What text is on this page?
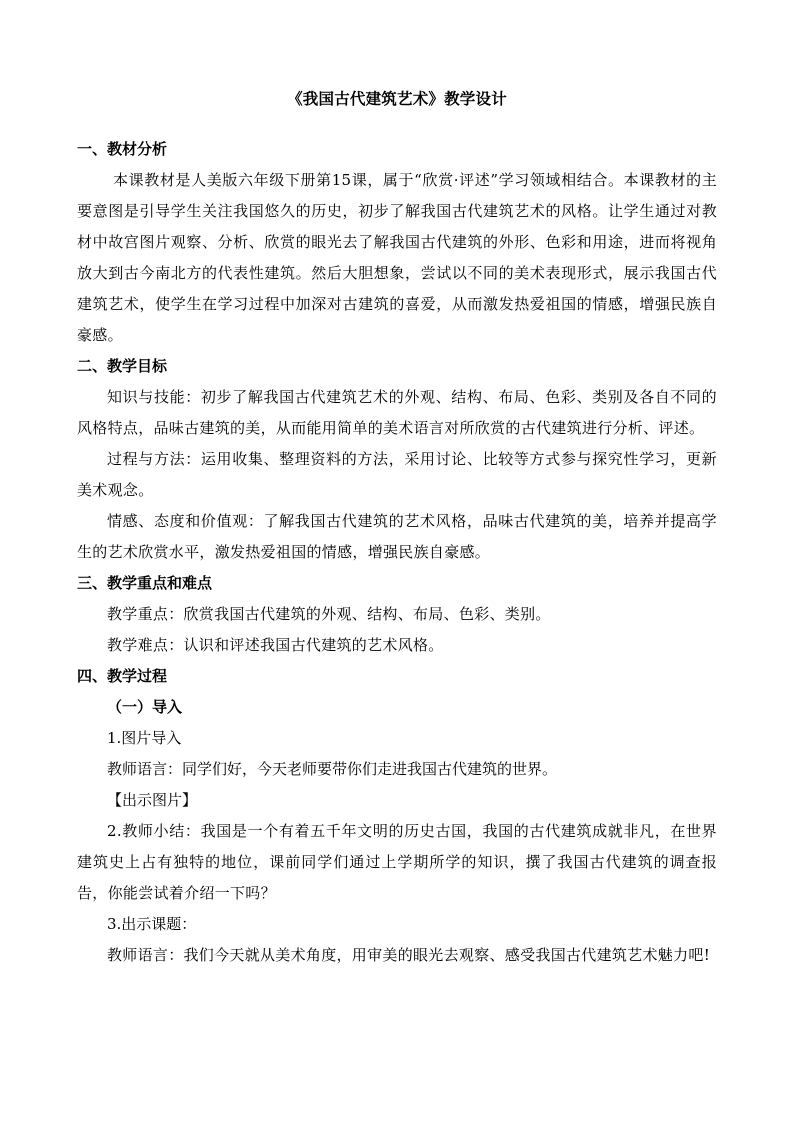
《我国古代建筑艺术》教学设计

一、教材分析

本课教材是人美版六年级下册第15课，属于“欣赏·评述”学习领域相结合。本课教材的主要意图是引导学生关注我国悠久的历史，初步了解我国古代建筑艺术的风格。让学生通过对教材中故宫图片观察、分析、欣赏的眼光去了解我国古代建筑的外形、色彩和用途，进而将视角放大到古今南北方的代表性建筑。然后大胆想象，尝试以不同的美术表现形式，展示我国古代建筑艺术，使学生在学习过程中加深对古建筑的喜爱，从而激发热爱祖国的情感，增强民族自豪感。

二、教学目标

知识与技能：初步了解我国古代建筑艺术的外观、结构、布局、色彩、类别及各自不同的风格特点，品味古建筑的美，从而能用简单的美术语言对所欣赏的古代建筑进行分析、评述。

过程与方法：运用收集、整理资料的方法，采用讨论、比较等方式参与探究性学习，更新美术观念。

情感、态度和价值观：了解我国古代建筑的艺术风格，品味古代建筑的美，培养并提高学生的艺术欣赏水平，激发热爱祖国的情感，增强民族自豪感。

三、教学重点和难点

教学重点：欣赏我国古代建筑的外观、结构、布局、色彩、类别。

教学难点：认识和评述我国古代建筑的艺术风格。

四、教学过程

（一）导入

1.图片导入

教师语言：同学们好，今天老师要带你们走进我国古代建筑的世界。

【出示图片】

2.教师小结：我国是一个有着五千年文明的历史古国，我国的古代建筑成就非凡，在世界建筑史上占有独特的地位，课前同学们通过上学期所学的知识，撰了我国古代建筑的调查报告，你能尝试着介绍一下吗？

3.出示课题：

教师语言：我们今天就从美术角度，用审美的眼光去观察、感受我国古代建筑艺术魅力吧!
